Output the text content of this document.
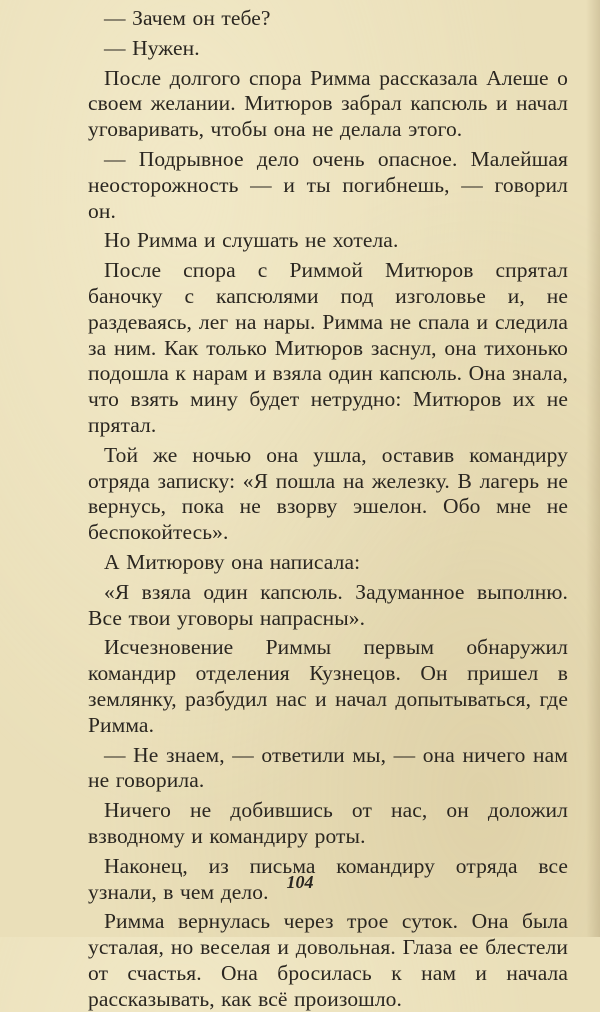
— Зачем он тебе?

— Нужен.

После долгого спора Римма рассказала Алеше о своем желании. Митюров забрал капсюль и начал уговаривать, чтобы она не делала этого.

— Подрывное дело очень опасное. Малейшая неосторожность — и ты погибнешь, — говорил он.

Но Римма и слушать не хотела.

После спора с Риммой Митюров спрятал баночку с капсюлями под изголовье и, не раздеваясь, лег на нары. Римма не спала и следила за ним. Как только Митюров заснул, она тихонько подошла к нарам и взяла один капсюль. Она знала, что взять мину будет нетрудно: Митюров их не прятал.

Той же ночью она ушла, оставив командиру отряда записку: «Я пошла на железку. В лагерь не вернусь, пока не взорву эшелон. Обо мне не беспокойтесь».

А Митюрову она написала:

«Я взяла один капсюль. Задуманное выполню. Все твои уговоры напрасны».

Исчезновение Риммы первым обнаружил командир отделения Кузнецов. Он пришел в землянку, разбудил нас и начал допытываться, где Римма.

— Не знаем, — ответили мы, — она ничего нам не говорила.

Ничего не добившись от нас, он доложил взводному и командиру роты.

Наконец, из письма командиру отряда все узнали, в чем дело.

Римма вернулась через трое суток. Она была усталая, но веселая и довольная. Глаза ее блестели от счастья. Она бросилась к нам и начала рассказывать, как всё произошло.

104
